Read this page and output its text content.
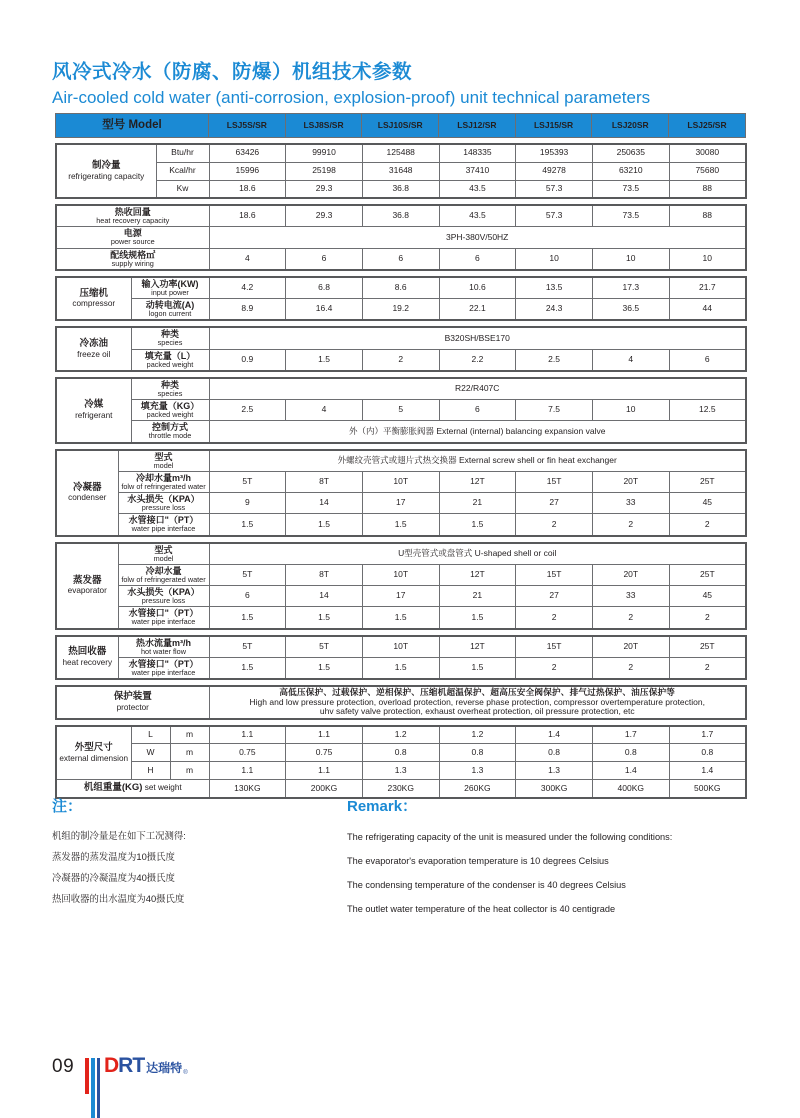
风冷式冷水（防腐、防爆）机组技术参数
Air-cooled cold water (anti-corrosion, explosion-proof) unit technical parameters
型号 Model	LSJ5S/SR	LSJ8S/SR	LSJ10S/SR	LSJ12/SR	LSJ15/SR	LSJ20SR	LSJ25/SR
制冷量
refrigerating capacity	Btu/hr	63426	99910	125488	148335	195393	250635	30080
	Kcal/hr	15996	25198	31648	37410	49278	63210	75680
	Kw	18.6	29.3	36.8	43.5	57.3	73.5	88
热收回量
heat recovery capacity	18.6	29.3	36.8	43.5	57.3	73.5	88

电源
power source	3PH-380V/50HZ						

配线规格㎡
supply wiring	4	6	6	6	10	10	10
压缩机
compressor	输入功率(KW)
input power	4.2	6.8	8.6	10.6	13.5	17.3	21.7

	动转电流(A)
logon current	8.9	16.4	19.2	22.1	24.3	36.5	44
冷冻油
freeze oil	种类
species	B320SH/BSE170						

	填充量（L）
packed weight	0.9	1.5	2	2.2	2.5	4	6
冷媒
refrigerant	种类
species	R22/R407C						

	填充量（KG）
packed weight	2.5	4	5	6	7.5	10	12.5

	控制方式
throttle mode	外（内）平衡膨胀阀器 External (internal) balancing expansion valve						
冷凝器
condenser	型式
model	外螺纹壳管式或翅片式热交换器 External screw shell or fin heat exchanger						

	冷却水量m³/h
folw of refringerated water	5T	8T	10T	12T	15T	20T	25T

	水头损失（KPA）
pressure loss	9	14	17	21	27	33	45

	水管接口"（PT）
water pipe interface	1.5	1.5	1.5	1.5	2	2	2
蒸发器
evaporator	型式
model	U型壳管式或盘管式 U-shaped shell or coil						

	冷却水量
folw of refringerated water	5T	8T	10T	12T	15T	20T	25T

	水头损失（KPA）
pressure loss	6	14	17	21	27	33	45

	水管接口"（PT）
water pipe interface	1.5	1.5	1.5	1.5	2	2	2
热回收器
heat recovery	热水流量m³/h
hot water flow	5T	5T	10T	12T	15T	20T	25T

	水管接口"（PT）
water pipe interface	1.5	1.5	1.5	1.5	2	2	2
保护装置
protector

高低压保护、过载保护、逆相保护、压缩机超温保护、超高压安全阀保护、排气过热保护、油压保护等
High and low pressure protection, overload protection, reverse phase protection, compressor overtemperature protection,
uhv safety valve protection, exhaust overheat protection, oil pressure protection, etc
外型尺寸
external dimension	L	m	1.1	1.1	1.2	1.2	1.4	1.7	1.7
	W	m	0.75	0.75	0.8	0.8	0.8	0.8	0.8
	H	m	1.1	1.1	1.3	1.3	1.3	1.4	1.4
机组重量(KG) set weight			130KG	200KG	230KG	260KG	300KG	400KG	500KG
注：
机组的制冷量是在如下工况测得:
蒸发器的蒸发温度为10摄氏度
冷凝器的冷凝温度为40摄氏度
热回收器的出水温度为40摄氏度
Remark：
The refrigerating capacity of the unit is measured under the following conditions:
The evaporator's evaporation temperature is 10 degrees Celsius
The condensing temperature of the condenser is 40 degrees Celsius
The outlet water temperature of the heat collector is 40 centigrade
09 D RT 达瑞特 ®
